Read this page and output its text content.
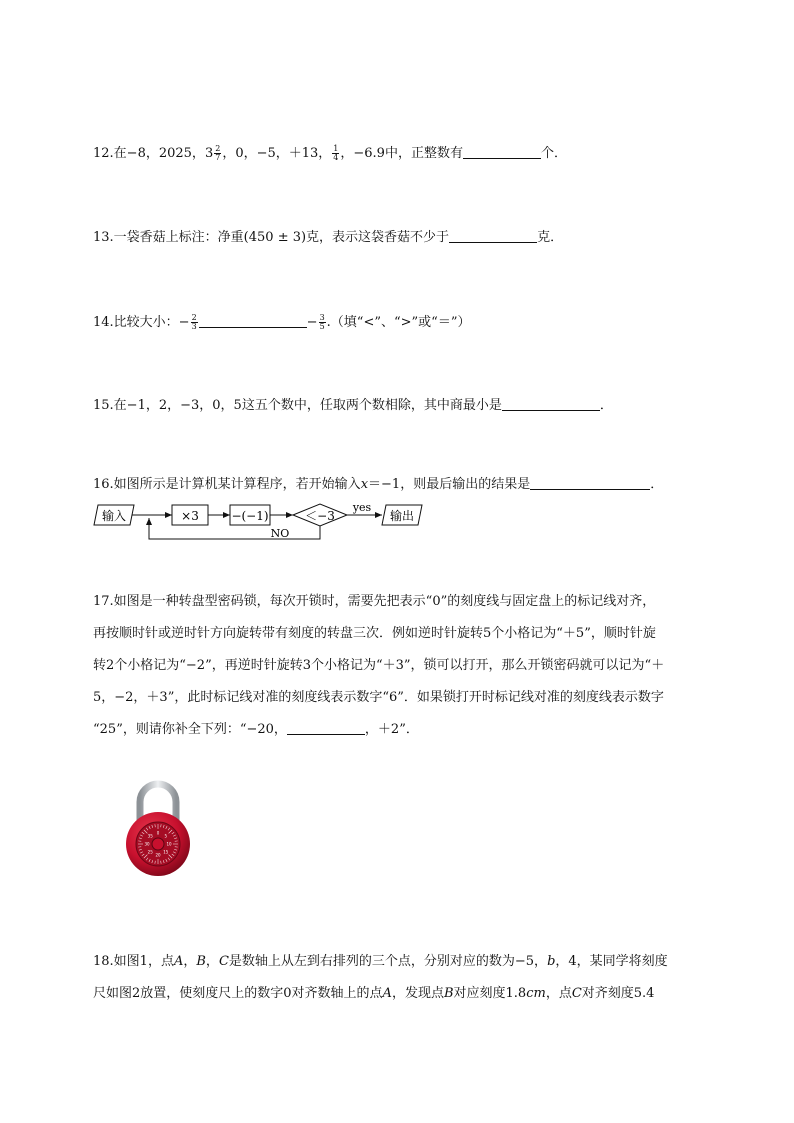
12.在−8，2025，$3 \frac{2}{7}$ ，0，−5，＋13， $\frac{1}{4}$ ，−6.9中，正整数有	个．
13.一袋香菇上标注：净重(450 ± 3)克，表示这袋香菇不少于	克．
14.比较大小：− $\frac{2}{3}$	− $\frac{3}{5}$ .（填“<”、“>”或“＝”）
15.在−1，2，−3，0，5这五个数中，任取两个数相除，其中商最小是	．
16.如图所示是计算机某计算程序，若开始输入x＝−1，则最后输出的结果是	．
输入	×3	−(−1)	＜−3
yes
输出
NO
17.如图是一种转盘型密码锁，每次开锁时，需要先把表示“0”的刻度线与固定盘上的标记线对齐，
再按顺时针或逆时针方向旋转带有刻度的转盘三次．例如逆时针旋转5个小格记为“＋5”，顺时针旋
转2个小格记为“−2”，再逆时针旋转3个小格记为“＋3”，锁可以打开，那么开锁密码就可以记为“＋
5，−2，＋3”，此时标记线对准的刻度线表示数字“6”．如果锁打开时标记线对准的刻度线表示数字
“25”，则请你补全下列：“−20，	，＋2”．
0
5
10
15
20
25
30
35
18.如图1，点A，B，C是数轴上从左到右排列的三个点，分别对应的数为−5，b，4，某同学将刻度
尺如图2放置，使刻度尺上的数字0对齐数轴上的点A，发现点B对应刻度1.8cm，点C对齐刻度5.4
